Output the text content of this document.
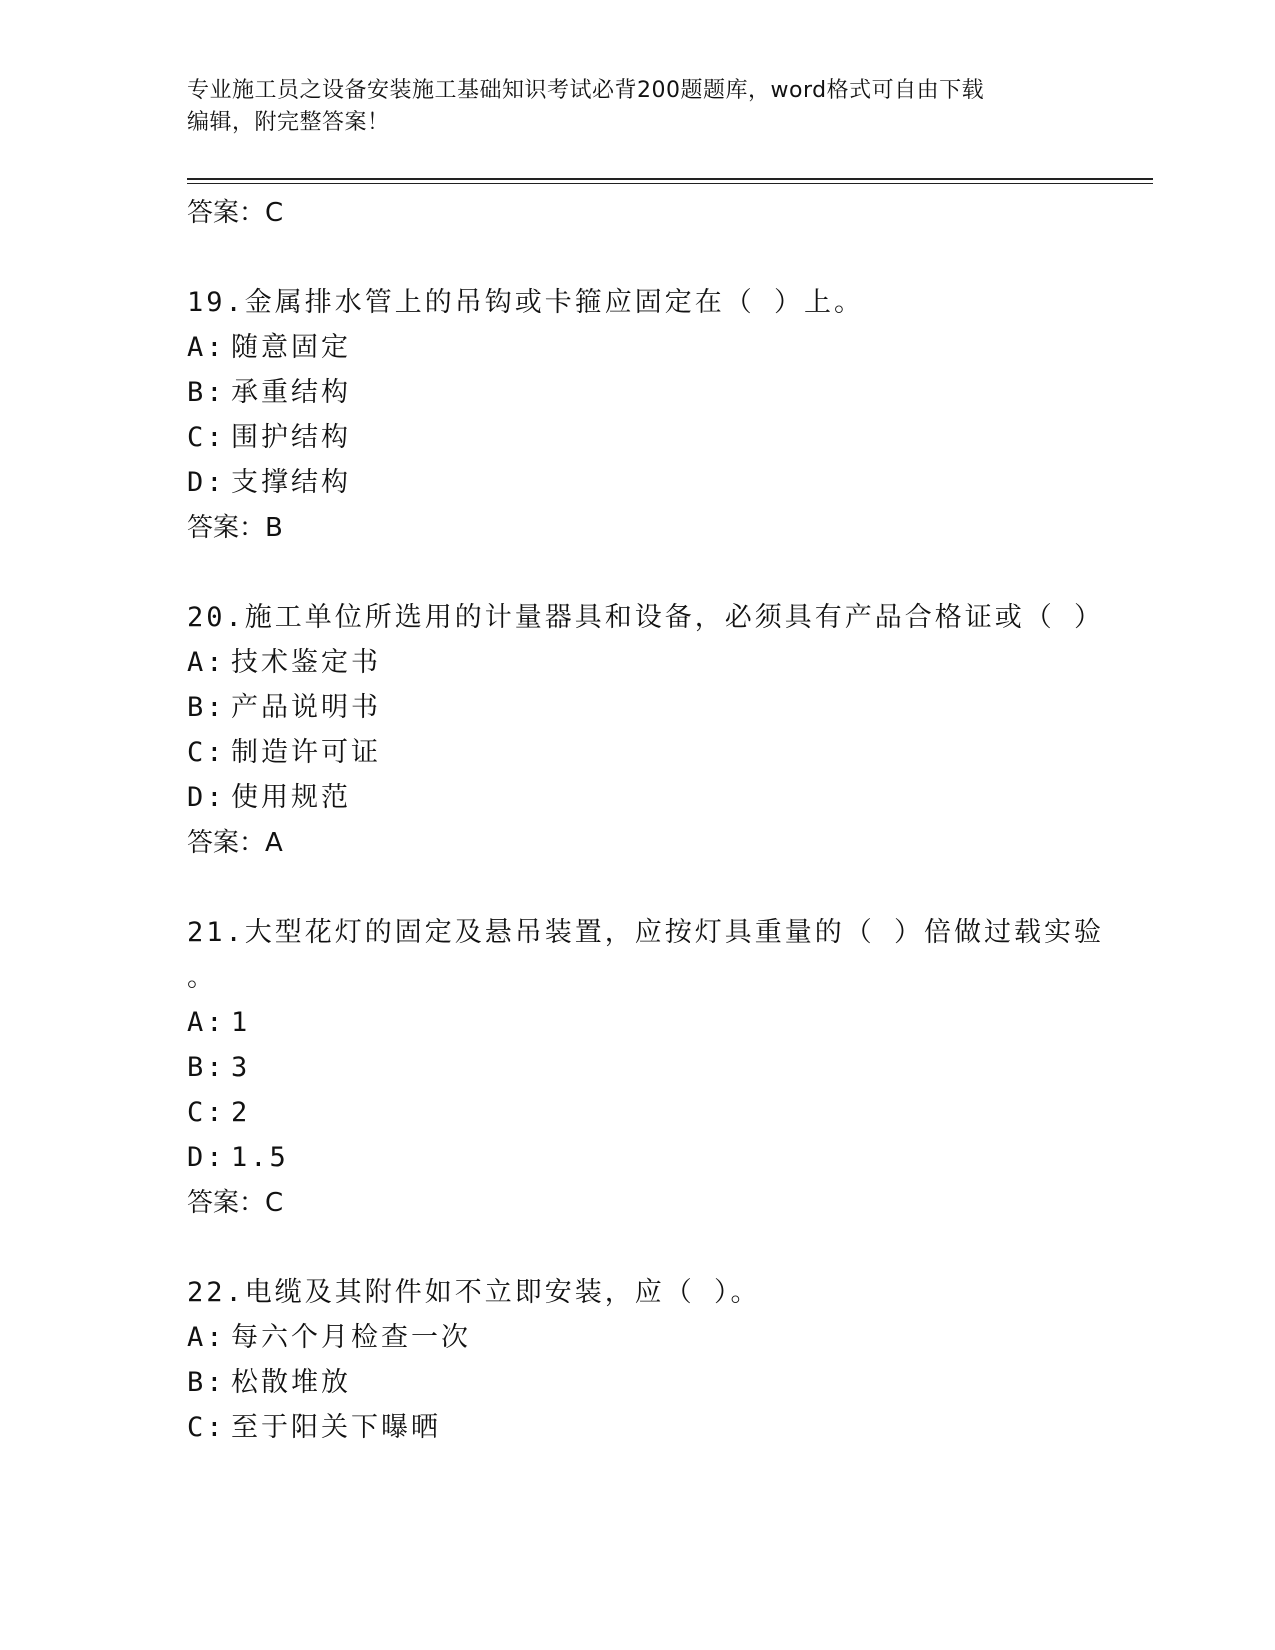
专业施工员之设备安装施工基础知识考试必背200题题库，word格式可自由下载
编辑，附完整答案！
答案： C
19.金属排水管上的吊钩或卡箍应固定在（ ）上。
A: 随意固定
B: 承重结构
C: 围护结构
D: 支撑结构
答案： B
20.施工单位所选用的计量器具和设备，必须具有产品合格证或（ ）
A: 技术鉴定书
B: 产品说明书
C: 制造许可证
D: 使用规范
答案： A
21.大型花灯的固定及悬吊装置，应按灯具重量的（ ）倍做过载实验
。
A: 1
B: 3
C: 2
D: 1.5
答案： C
22.电缆及其附件如不立即安装，应（ ）。
A: 每六个月检查一次
B: 松散堆放
C: 至于阳关下曝晒
